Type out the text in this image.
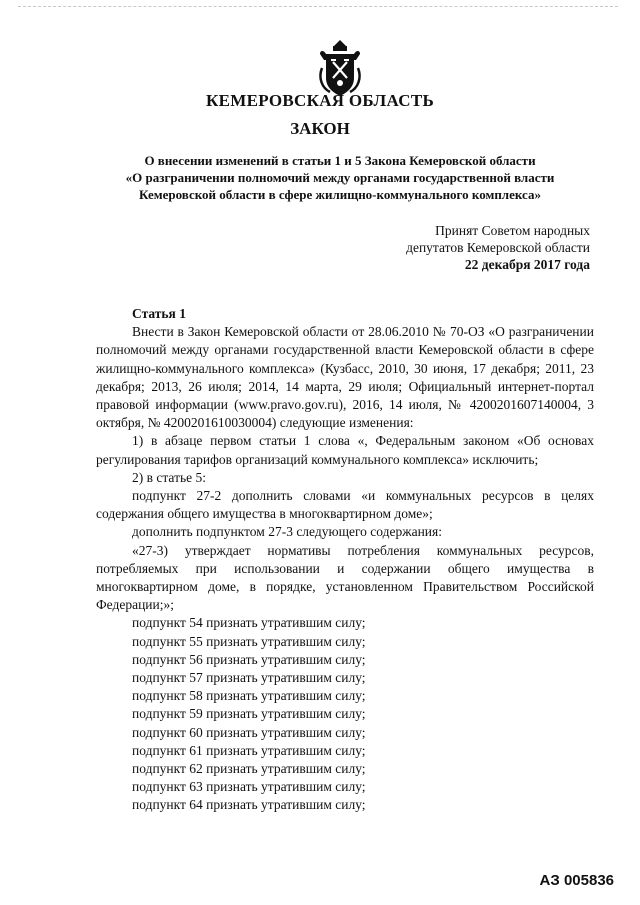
КЕМЕРОВСКАЯ ОБЛАСТЬ
ЗАКОН
О внесении изменений в статьи 1 и 5 Закона Кемеровской области
«О разграничении полномочий между органами государственной власти
Кемеровской области в сфере жилищно-коммунального комплекса»
Принят Советом народных
депутатов Кемеровской области
22 декабря 2017 года

Статья 1

Внести в Закон Кемеровской области от 28.06.2010 № 70-ОЗ «О разграничении полномочий между органами государственной власти Кемеровской области в сфере жилищно-коммунального комплекса» (Кузбасс, 2010, 30 июня, 17 декабря; 2011, 23 декабря; 2013, 26 июля; 2014, 14 марта, 29 июля; Официальный интернет-портал правовой информации (www.pravo.gov.ru), 2016, 14 июля, № 4200201607140004, 3 октября, № 4200201610030004) следующие изменения:

1) в абзаце первом статьи 1 слова «, Федеральным законом «Об основах регулирования тарифов организаций коммунального комплекса» исключить;

2) в статье 5:

подпункт 27-2 дополнить словами «и коммунальных ресурсов в целях содержания общего имущества в многоквартирном доме»;

дополнить подпунктом 27-3 следующего содержания:

«27-3) утверждает нормативы потребления коммунальных ресурсов, потребляемых при использовании и содержании общего имущества в многоквартирном доме, в порядке, установленном Правительством Российской Федерации;»;

подпункт 54 признать утратившим силу;

подпункт 55 признать утратившим силу;

подпункт 56 признать утратившим силу;

подпункт 57 признать утратившим силу;

подпункт 58 признать утратившим силу;

подпункт 59 признать утратившим силу;

подпункт 60 признать утратившим силу;

подпункт 61 признать утратившим силу;

подпункт 62 признать утратившим силу;

подпункт 63 признать утратившим силу;

подпункт 64 признать утратившим силу;

АЗ 005836
